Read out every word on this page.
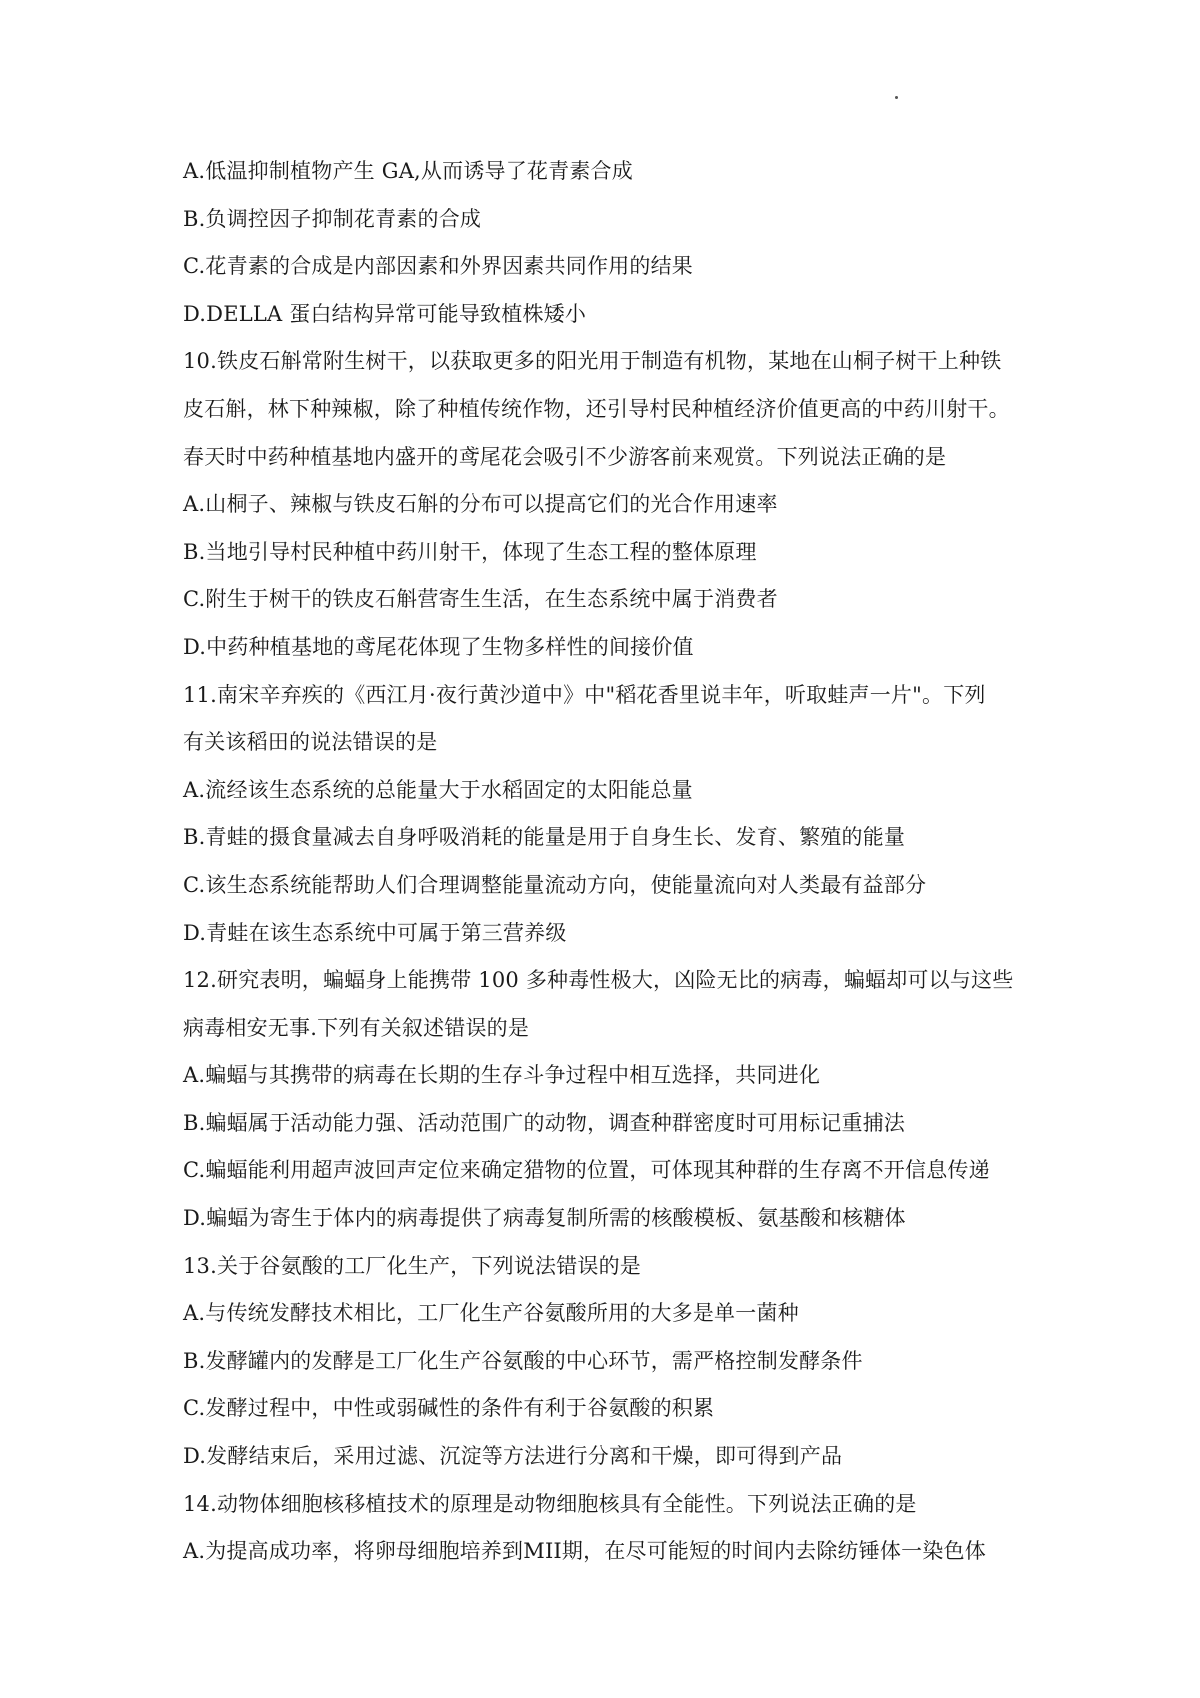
A.低温抑制植物产生 GA,从而诱导了花青素合成
B.负调控因子抑制花青素的合成
C.花青素的合成是内部因素和外界因素共同作用的结果
D.DELLA 蛋白结构异常可能导致植株矮小
10.铁皮石斛常附生树干，以获取更多的阳光用于制造有机物，某地在山桐子树干上种铁
皮石斛，林下种辣椒，除了种植传统作物，还引导村民种植经济价值更高的中药川射干。
春天时中药种植基地内盛开的鸢尾花会吸引不少游客前来观赏。下列说法正确的是
A.山桐子、辣椒与铁皮石斛的分布可以提高它们的光合作用速率
B.当地引导村民种植中药川射干，体现了生态工程的整体原理
C.附生于树干的铁皮石斛营寄生生活，在生态系统中属于消费者
D.中药种植基地的鸢尾花体现了生物多样性的间接价值
11.南宋辛弃疾的《西江月·夜行黄沙道中》中"稻花香里说丰年，听取蛙声一片"。下列
有关该稻田的说法错误的是
A.流经该生态系统的总能量大于水稻固定的太阳能总量
B.青蛙的摄食量减去自身呼吸消耗的能量是用于自身生长、发育、繁殖的能量
C.该生态系统能帮助人们合理调整能量流动方向，使能量流向对人类最有益部分
D.青蛙在该生态系统中可属于第三营养级
12.研究表明，蝙蝠身上能携带 100 多种毒性极大，凶险无比的病毒，蝙蝠却可以与这些
病毒相安无事.下列有关叙述错误的是
A.蝙蝠与其携带的病毒在长期的生存斗争过程中相互选择，共同进化
B.蝙蝠属于活动能力强、活动范围广的动物，调查种群密度时可用标记重捕法
C.蝙蝠能利用超声波回声定位来确定猎物的位置，可体现其种群的生存离不开信息传递
D.蝙蝠为寄生于体内的病毒提供了病毒复制所需的核酸模板、氨基酸和核糖体
13.关于谷氨酸的工厂化生产，下列说法错误的是
A.与传统发酵技术相比，工厂化生产谷氨酸所用的大多是单一菌种
B.发酵罐内的发酵是工厂化生产谷氨酸的中心环节，需严格控制发酵条件
C.发酵过程中，中性或弱碱性的条件有利于谷氨酸的积累
D.发酵结束后，采用过滤、沉淀等方法进行分离和干燥，即可得到产品
14.动物体细胞核移植技术的原理是动物细胞核具有全能性。下列说法正确的是
A.为提高成功率，将卵母细胞培养到MII期，在尽可能短的时间内去除纺锤体一染色体
